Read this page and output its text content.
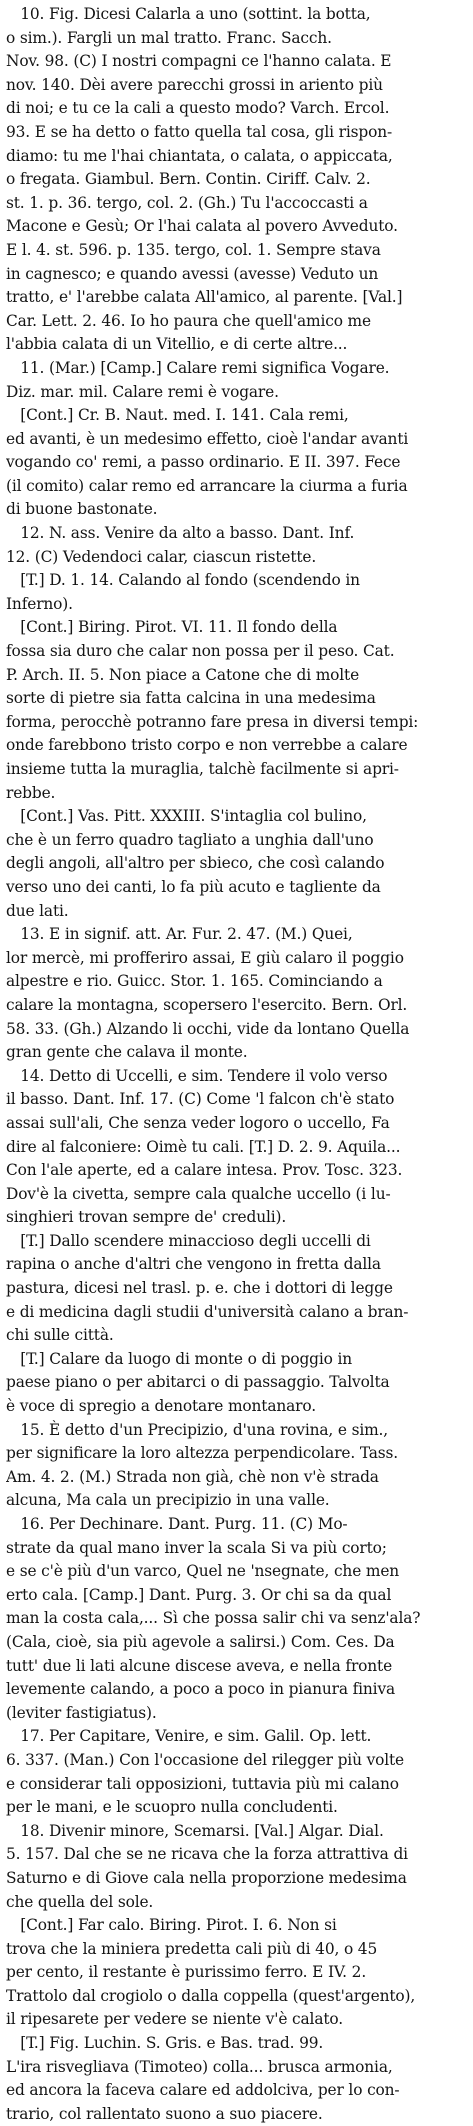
10. Fig. Dicesi Calarla a uno (sottint. la botta,
o sim.). Fargli un mal tratto. Franc. Sacch.
Nov. 98. (C) I nostri compagni ce l'hanno calata. E
nov. 140. Dèi avere parecchi grossi in ariento più
di noi; e tu ce la cali a questo modo? Varch. Ercol.
93. E se ha detto o fatto quella tal cosa, gli rispon-
diamo: tu me l'hai chiantata, o calata, o appiccata,
o fregata. Giambul. Bern. Contin. Ciriff. Calv. 2.
st. 1. p. 36. tergo, col. 2. (Gh.) Tu l'accoccasti a
Macone e Gesù; Or l'hai calata al povero Avveduto.
E l. 4. st. 596. p. 135. tergo, col. 1. Sempre stava
in cagnesco; e quando avessi (avesse) Veduto un
tratto, e' l'arebbe calata All'amico, al parente. [Val.]
Car. Lett. 2. 46. Io ho paura che quell'amico me
l'abbia calata di un Vitellio, e di certe altre...
11. (Mar.) [Camp.] Calare remi significa Vogare.
Diz. mar. mil. Calare remi è vogare.
[Cont.] Cr. B. Naut. med. I. 141. Cala remi,
ed avanti, è un medesimo effetto, cioè l'andar avanti
vogando co' remi, a passo ordinario. E II. 397. Fece
(il comito) calar remo ed arrancare la ciurma a furia
di buone bastonate.
12. N. ass. Venire da alto a basso. Dant. Inf.
12. (C) Vedendoci calar, ciascun ristette.
[T.] D. 1. 14. Calando al fondo (scendendo in
Inferno).
[Cont.] Biring. Pirot. VI. 11. Il fondo della
fossa sia duro che calar non possa per il peso. Cat.
P. Arch. II. 5. Non piace a Catone che di molte
sorte di pietre sia fatta calcina in una medesima
forma, perocchè potranno fare presa in diversi tempi:
onde farebbono tristo corpo e non verrebbe a calare
insieme tutta la muraglia, talchè facilmente si apri-
rebbe.
[Cont.] Vas. Pitt. XXXIII. S'intaglia col bulino,
che è un ferro quadro tagliato a unghia dall'uno
degli angoli, all'altro per sbieco, che così calando
verso uno dei canti, lo fa più acuto e tagliente da
due lati.
13. E in signif. att. Ar. Fur. 2. 47. (M.) Quei,
lor mercè, mi profferiro assai, E giù calaro il poggio
alpestre e rio. Guicc. Stor. 1. 165. Cominciando a
calare la montagna, scopersero l'esercito. Bern. Orl.
58. 33. (Gh.) Alzando li occhi, vide da lontano Quella
gran gente che calava il monte.
14. Detto di Uccelli, e sim. Tendere il volo verso
il basso. Dant. Inf. 17. (C) Come 'l falcon ch'è stato
assai sull'ali, Che senza veder logoro o uccello, Fa
dire al falconiere: Oimè tu cali. [T.] D. 2. 9. Aquila...
Con l'ale aperte, ed a calare intesa. Prov. Tosc. 323.
Dov'è la civetta, sempre cala qualche uccello (i lu-
singhieri trovan sempre de' creduli).
[T.] Dallo scendere minaccioso degli uccelli di
rapina o anche d'altri che vengono in fretta dalla
pastura, dicesi nel trasl. p. e. che i dottori di legge
e di medicina dagli studii d'università calano a bran-
chi sulle città.
[T.] Calare da luogo di monte o di poggio in
paese piano o per abitarci o di passaggio. Talvolta
è voce di spregio a denotare montanaro.
15. È detto d'un Precipizio, d'una rovina, e sim.,
per significare la loro altezza perpendicolare. Tass.
Am. 4. 2. (M.) Strada non già, chè non v'è strada
alcuna, Ma cala un precipizio in una valle.
16. Per Dechinare. Dant. Purg. 11. (C) Mo-
strate da qual mano inver la scala Si va più corto;
e se c'è più d'un varco, Quel ne 'nsegnate, che men
erto cala. [Camp.] Dant. Purg. 3. Or chi sa da qual
man la costa cala,... Sì che possa salir chi va senz'ala?
(Cala, cioè, sia più agevole a salirsi.) Com. Ces. Da
tutt' due li lati alcune discese aveva, e nella fronte
levemente calando, a poco a poco in pianura finiva
(leviter fastigiatus).
17. Per Capitare, Venire, e sim. Galil. Op. lett.
6. 337. (Man.) Con l'occasione del rilegger più volte
e considerar tali opposizioni, tuttavia più mi calano
per le mani, e le scuopro nulla concludenti.
18. Divenir minore, Scemarsi. [Val.] Algar. Dial.
5. 157. Dal che se ne ricava che la forza attrattiva di
Saturno e di Giove cala nella proporzione medesima
che quella del sole.
[Cont.] Far calo. Biring. Pirot. I. 6. Non si
trova che la miniera predetta cali più di 40, o 45
per cento, il restante è purissimo ferro. E IV. 2.
Trattolo dal crogiolo o dalla coppella (quest'argento),
il ripesarete per vedere se niente v'è calato.
[T.] Fig. Luchin. S. Gris. e Bas. trad. 99.
L'ira risvegliava (Timoteo) colla... brusca armonia,
ed ancora la faceva calare ed addolciva, per lo con-
trario, col rallentato suono a suo piacere.
